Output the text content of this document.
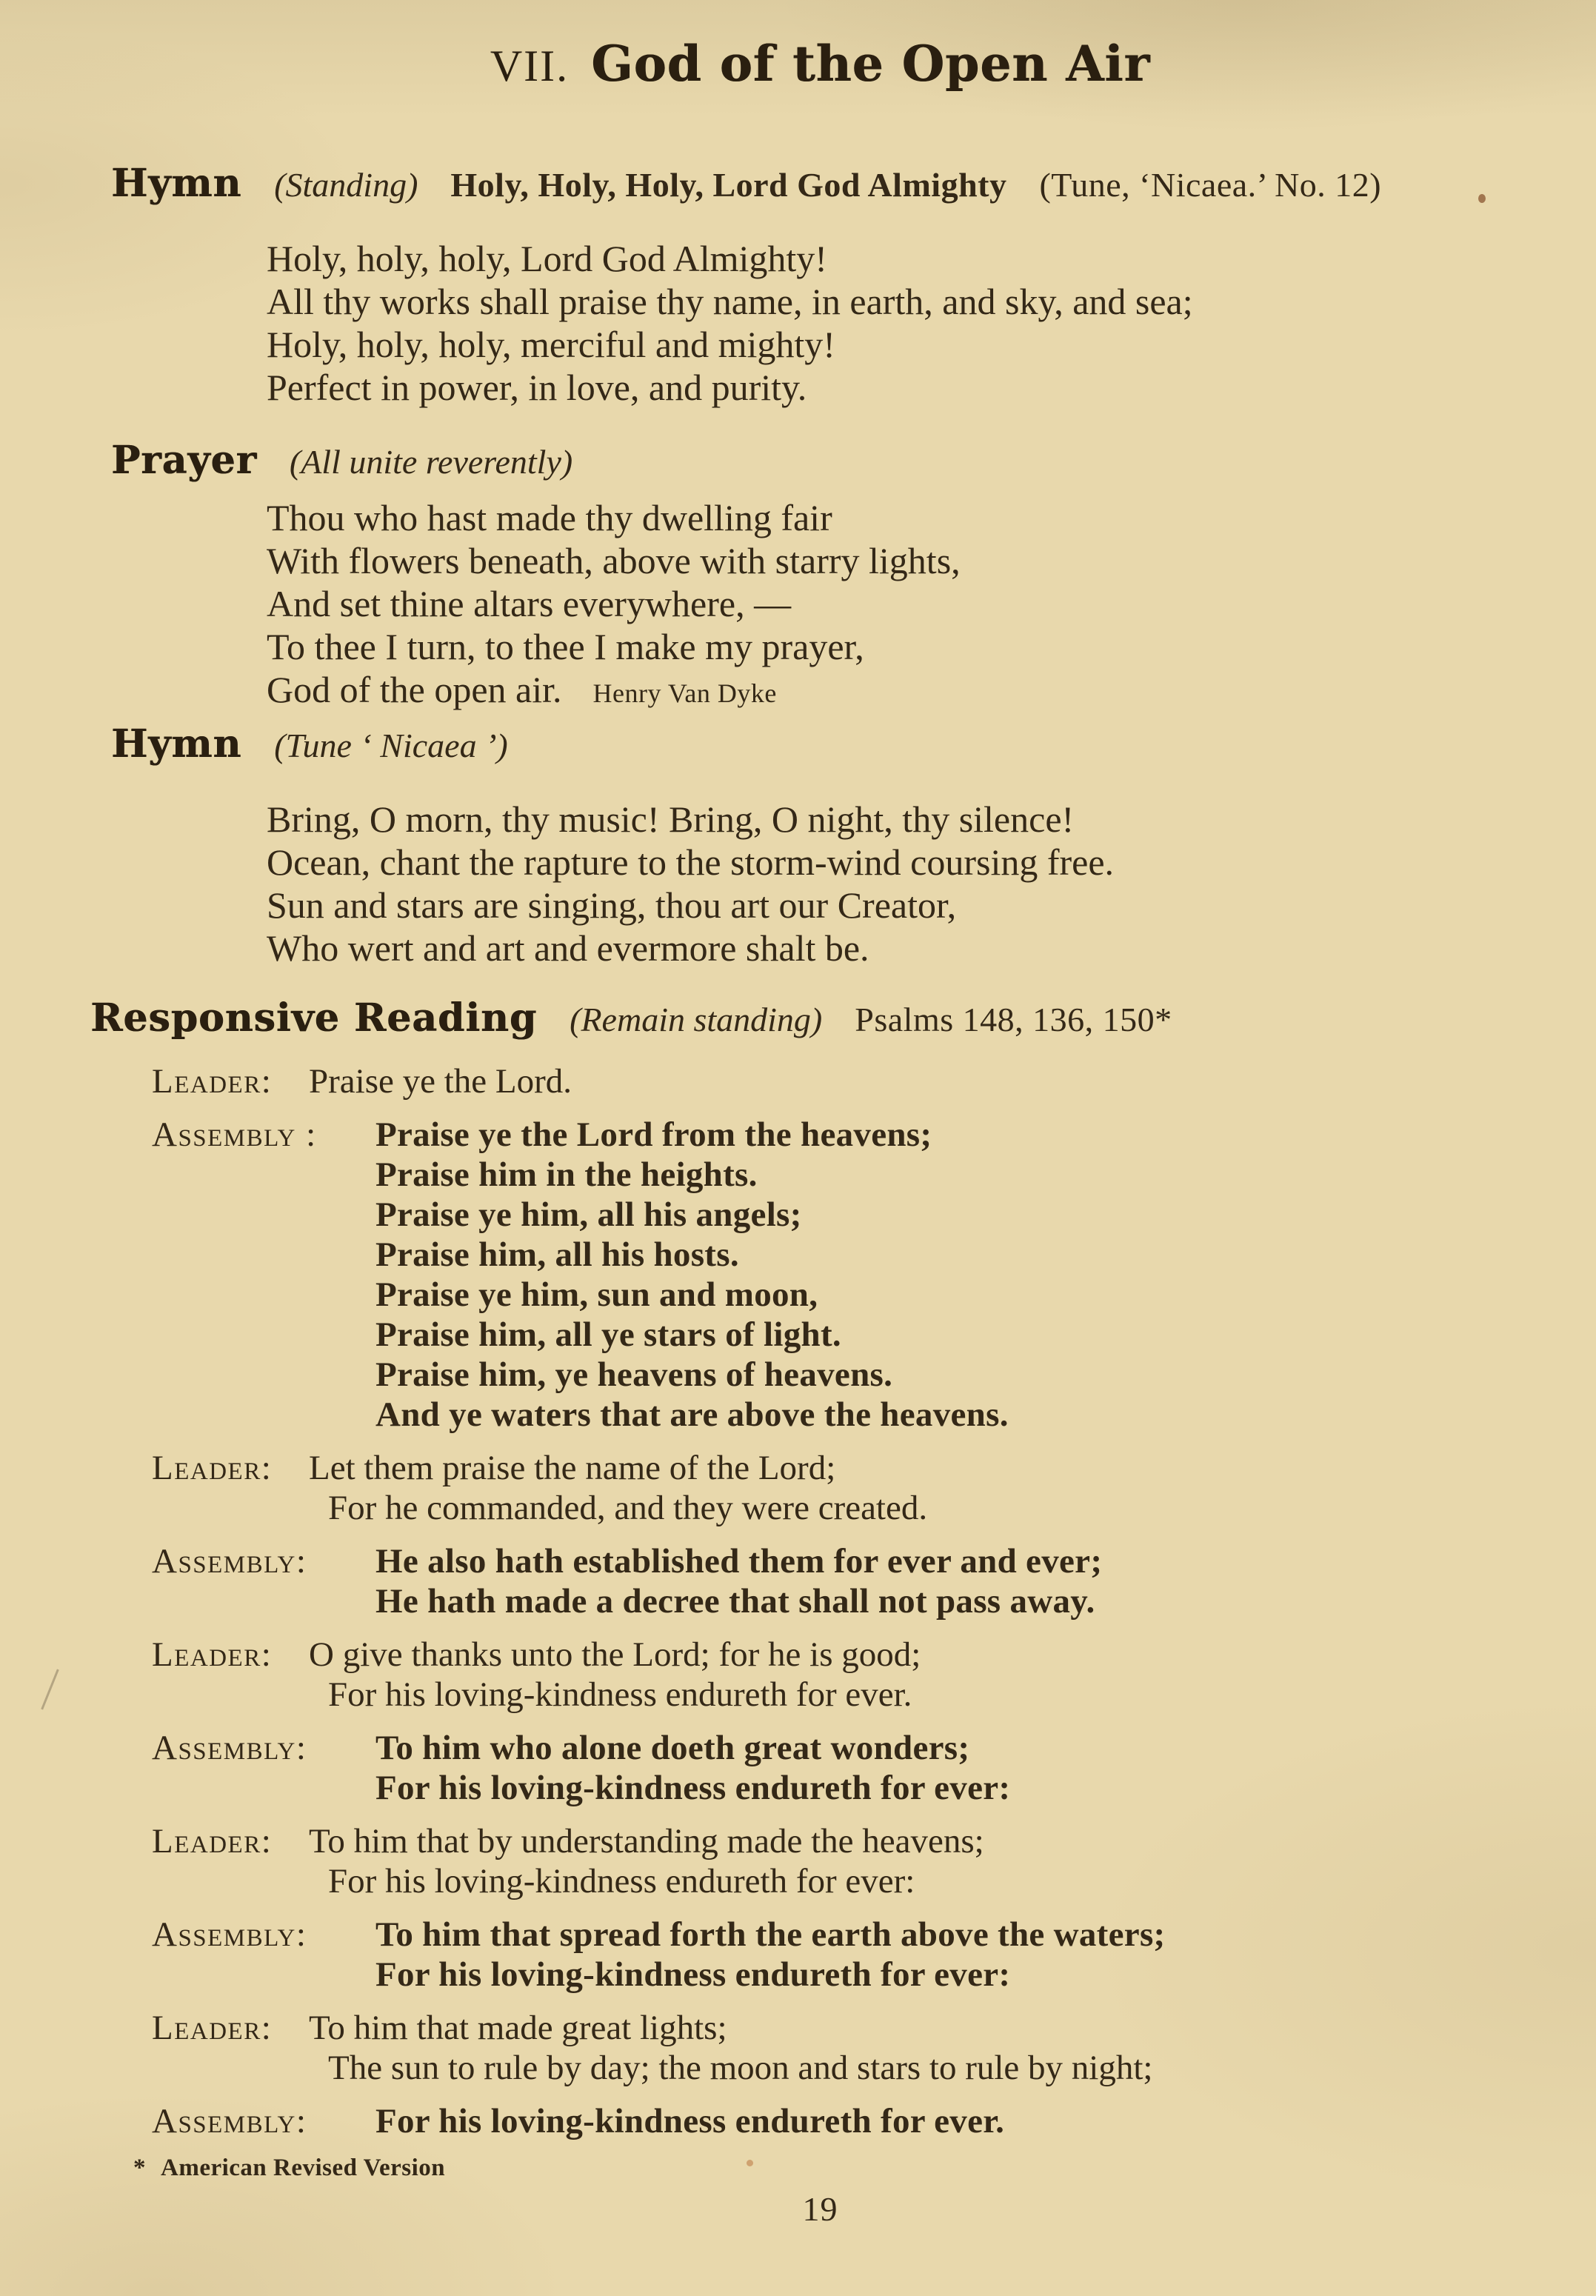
VII. God of the Open Air
Hymn (Standing) Holy, Holy, Holy, Lord God Almighty (Tune, ‘Nicaea.’ No. 12)
Holy, holy, holy, Lord God Almighty!
All thy works shall praise thy name, in earth, and sky, and sea;
Holy, holy, holy, merciful and mighty!
Perfect in power, in love, and purity.
Prayer (All unite reverently)
Thou who hast made thy dwelling fair
With flowers beneath, above with starry lights,
And set thine altars everywhere, —
To thee I turn, to thee I make my prayer,
God of the open air. Henry Van Dyke
Hymn (Tune ‘ Nicaea ’)
Bring, O morn, thy music! Bring, O night, thy silence!
Ocean, chant the rapture to the storm-wind coursing free.
Sun and stars are singing, thou art our Creator,
Who wert and art and evermore shalt be.
Responsive Reading (Remain standing) Psalms 148, 136, 150*
Leader: Praise ye the Lord.
Assembly : Praise ye the Lord from the heavens;
Praise him in the heights.
Praise ye him, all his angels;
Praise him, all his hosts.
Praise ye him, sun and moon,
Praise him, all ye stars of light.
Praise him, ye heavens of heavens.
And ye waters that are above the heavens.
Leader: Let them praise the name of the Lord;
For he commanded, and they were created.
Assembly: He also hath established them for ever and ever;
He hath made a decree that shall not pass away.
Leader: O give thanks unto the Lord; for he is good;
For his loving-kindness endureth for ever.
Assembly: To him who alone doeth great wonders;
For his loving-kindness endureth for ever:
Leader: To him that by understanding made the heavens;
For his loving-kindness endureth for ever:
Assembly: To him that spread forth the earth above the waters;
For his loving-kindness endureth for ever:
Leader: To him that made great lights;
The sun to rule by day; the moon and stars to rule by night;
Assembly: For his loving-kindness endureth for ever.
* American Revised Version
19
